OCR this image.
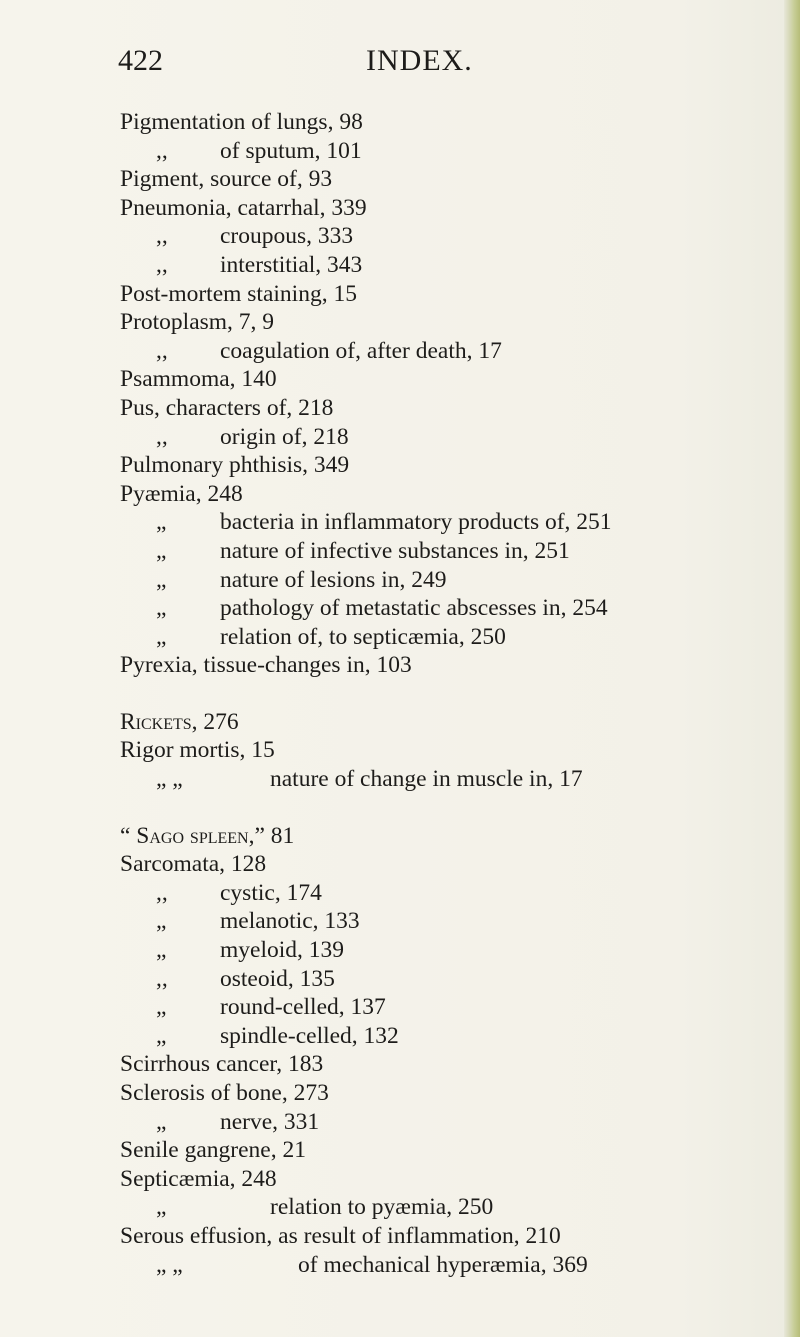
422	INDEX.
Pigmentation of lungs, 98
,, of sputum, 101
Pigment, source of, 93
Pneumonia, catarrhal, 339
,, croupous, 333
,, interstitial, 343
Post-mortem staining, 15
Protoplasm, 7, 9
,, coagulation of, after death, 17
Psammoma, 140
Pus, characters of, 218
,, origin of, 218
Pulmonary phthisis, 349
Pyæmia, 248
„ bacteria in inflammatory products of, 251
„ nature of infective substances in, 251
„ nature of lesions in, 249
„ pathology of metastatic abscesses in, 254
„ relation of, to septicæmia, 250
Pyrexia, tissue-changes in, 103
Rickets, 276
Rigor mortis, 15
„ „	nature of change in muscle in, 17
“ Sago spleen,” 81
Sarcomata, 128
,, cystic, 174
„ melanotic, 133
„ myeloid, 139
,, osteoid, 135
„ round-celled, 137
„ spindle-celled, 132
Scirrhous cancer, 183
Sclerosis of bone, 273
„ nerve, 331
Senile gangrene, 21
Septicæmia, 248
„	relation to pyæmia, 250
Serous effusion, as result of inflammation, 210
„ „	of mechanical hyperæmia, 369
